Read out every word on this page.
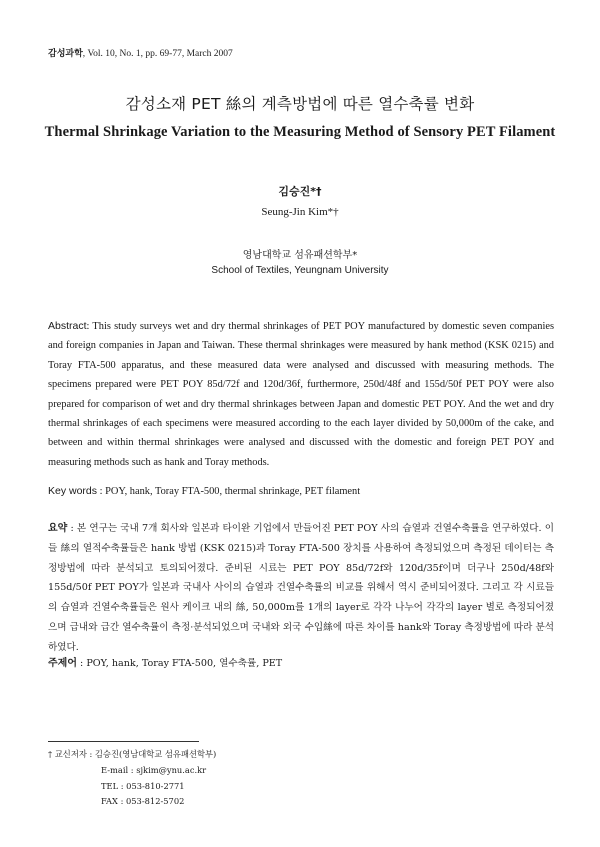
감성과학, Vol. 10, No. 1, pp. 69-77, March 2007
감성소재 PET 絲의 계측방법에 따른 열수축률 변화
Thermal Shrinkage Variation to the Measuring Method of Sensory PET Filament
김승진*†
Seung-Jin Kim*†
영남대학교 섬유패션학부*
School of Textiles, Yeungnam University
Abstract: This study surveys wet and dry thermal shrinkages of PET POY manufactured by domestic seven companies and foreign companies in Japan and Taiwan. These thermal shrinkages were measured by hank method (KSK 0215) and Toray FTA-500 apparatus, and these measured data were analysed and discussed with measuring methods. The specimens prepared were PET POY 85d/72f and 120d/36f, furthermore, 250d/48f and 155d/50f PET POY were also prepared for comparison of wet and dry thermal shrinkages between Japan and domestic PET POY. And the wet and dry thermal shrinkages of each specimens were measured according to the each layer divided by 50,000m of the cake, and between and within thermal shrinkages were analysed and discussed with the domestic and foreign PET POY and measuring methods such as hank and Toray methods.
Key words : POY, hank, Toray FTA-500, thermal shrinkage, PET filament
요약 : 본 연구는 국내 7개 회사와 일본과 타이완 기업에서 만들어진 PET POY 사의 습열과 건열수축률을 연구하였다. 이들 絲의 열적수축률들은 hank 방법 (KSK 0215)과 Toray FTA-500 장치를 사용하여 측정되었으며 측정된 데이터는 측정방법에 따라 분석되고 토의되어졌다. 준비된 시료는 PET POY 85d/72f와 120d/35f이며 더구나 250d/48f와 155d/50f PET POY가 일본과 국내사 사이의 습열과 건열수축률의 비교를 위해서 역시 준비되어졌다. 그리고 각 시료들의 습열과 건열수축률들은 원사 케이크 내의 絲, 50,000m를 1개의 layer로 각각 나누어 각각의 layer 별로 측정되어졌으며 급내와 급간 열수축률이 측정·분석되었으며 국내와 외국 수입絲에 따른 차이를 hank와 Toray 측정방법에 따라 분석하였다.
주제어 : POY, hank, Toray FTA-500, 열수축률, PET
† 교신저자 : 김승진(영남대학교 섬유패션학부)
E-mail : sjkim@ynu.ac.kr
TEL : 053-810-2771
FAX : 053-812-5702
